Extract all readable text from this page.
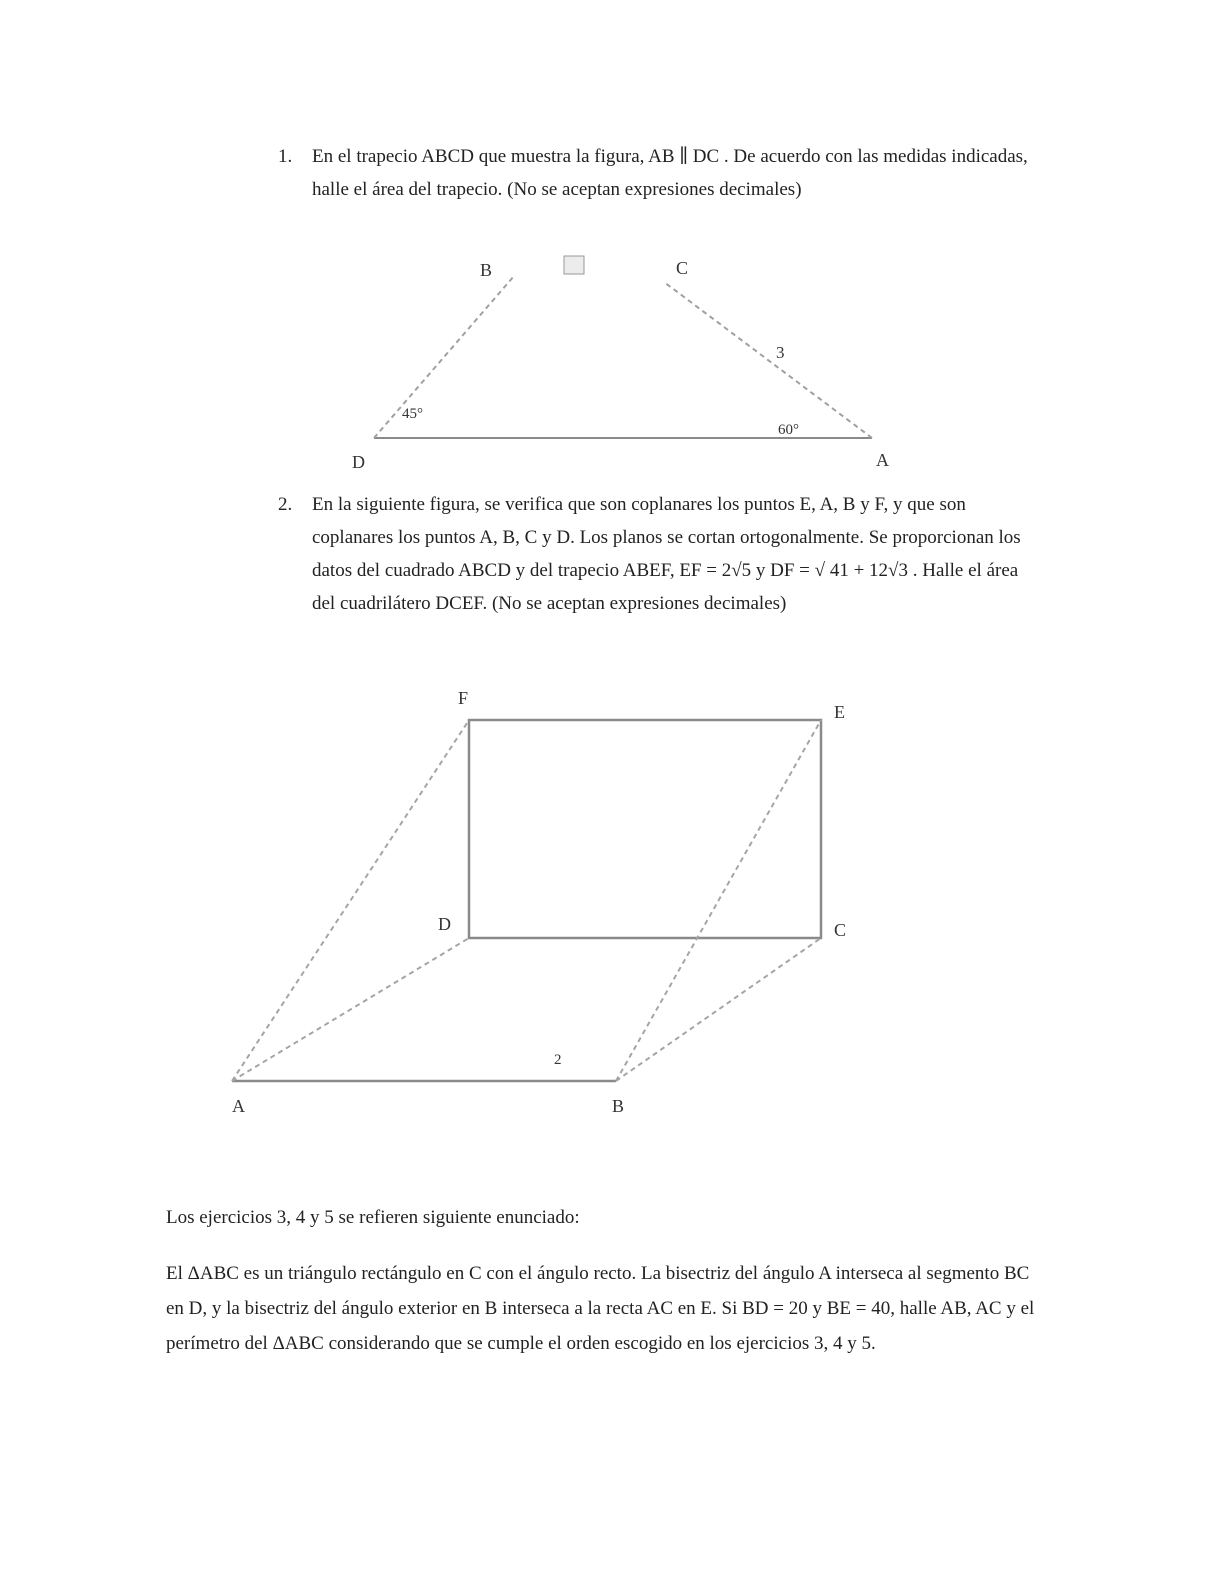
1. En el trapecio ABCD que muestra la figura, AB ∥ DC . De acuerdo con las medidas indicadas, halle el área del trapecio. (No se aceptan expresiones decimales)
B	C
D	A
3
45°
60°
2. En la siguiente figura, se verifica que son coplanares los puntos E, A, B y F, y que son coplanares los puntos A, B, C y D. Los planos se cortan ortogonalmente. Se proporcionan los datos del cuadrado ABCD y del trapecio ABEF, EF = 2√5 y DF = √ 41 + 12√3 . Halle el área del cuadrilátero DCEF. (No se aceptan expresiones decimales)
F
E
D	C
A	B
2
Los ejercicios 3, 4 y 5 se refieren siguiente enunciado:
El ΔABC es un triángulo rectángulo en C con el ángulo recto. La bisectriz del ángulo A interseca al segmento BC en D, y la bisectriz del ángulo exterior en B interseca a la recta AC en E. Si BD = 20 y BE = 40, halle AB, AC y el perímetro del ΔABC considerando que se cumple el orden escogido en los ejercicios 3, 4 y 5.
